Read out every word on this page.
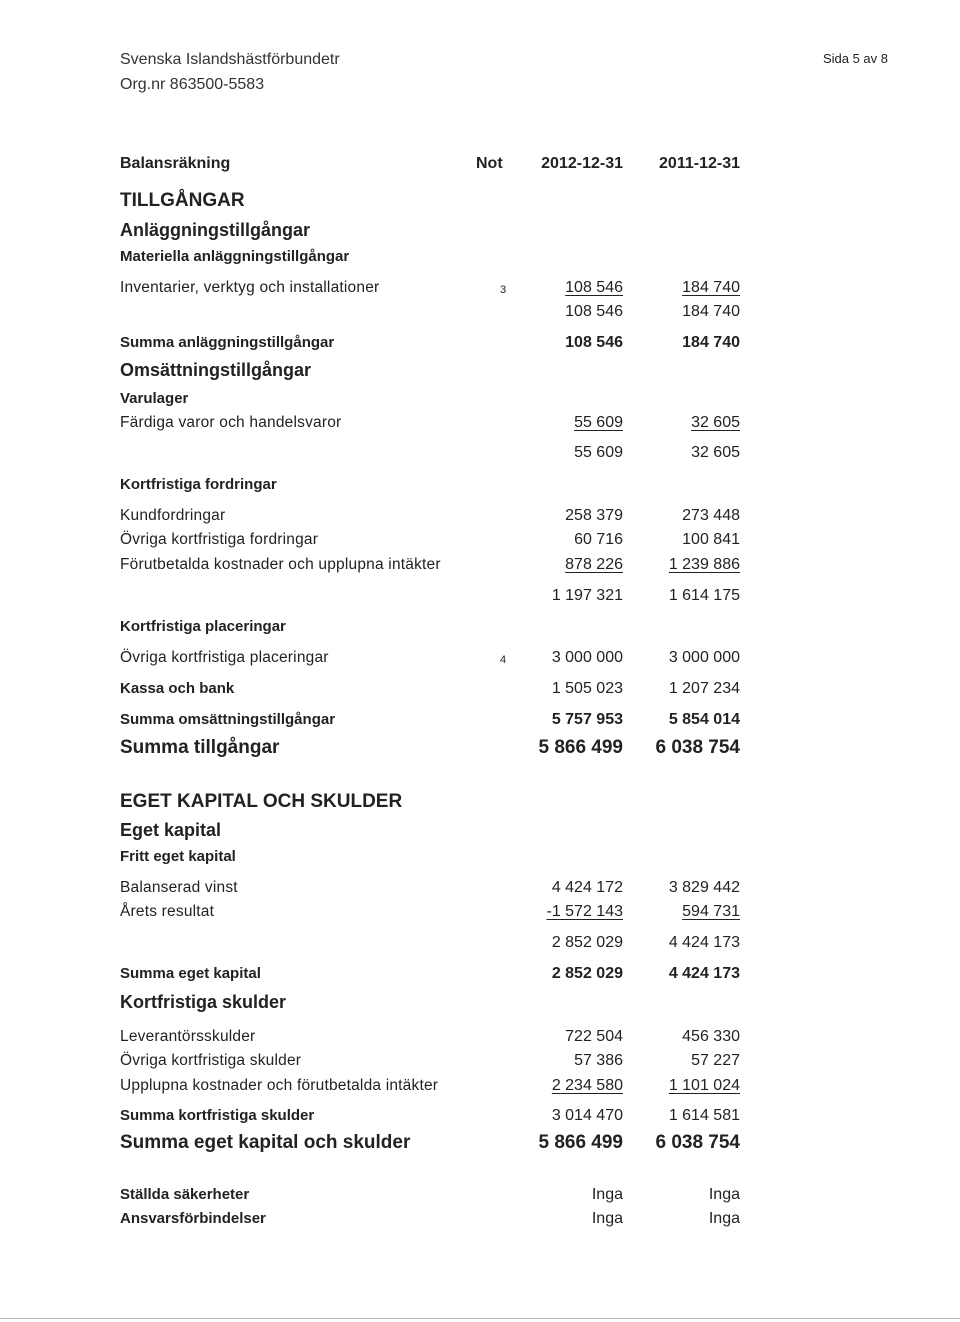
Svenska Islandshästförbundetr
Org.nr 863500-5583
Sida 5 av 8
Balansräkning	Not	2012-12-31	2011-12-31
TILLGÅNGAR
Anläggningstillgångar
Materiella anläggningstillgångar
Inventarier, verktyg och installationer	3	108 546	184 740
108 546	184 740
Summa anläggningstillgångar	108 546	184 740
Omsättningstillgångar
Varulager
Färdiga varor och handelsvaror	55 609	32 605
55 609	32 605
Kortfristiga fordringar
Kundfordringar	258 379	273 448
Övriga kortfristiga fordringar	60 716	100 841
Förutbetalda kostnader och upplupna intäkter	878 226	1 239 886
1 197 321	1 614 175
Kortfristiga placeringar
Övriga kortfristiga placeringar	4	3 000 000	3 000 000
Kassa och bank	1 505 023	1 207 234
Summa omsättningstillgångar	5 757 953	5 854 014
Summa tillgångar	5 866 499	6 038 754
EGET KAPITAL OCH SKULDER
Eget kapital
Fritt eget kapital
Balanserad vinst	4 424 172	3 829 442
Årets resultat	-1 572 143	594 731
2 852 029	4 424 173
Summa eget kapital	2 852 029	4 424 173
Kortfristiga skulder
Leverantörsskulder	722 504	456 330
Övriga kortfristiga skulder	57 386	57 227
Upplupna kostnader och förutbetalda intäkter	2 234 580	1 101 024
Summa kortfristiga skulder	3 014 470	1 614 581
Summa eget kapital och skulder	5 866 499	6 038 754
Ställda säkerheter	Inga	Inga
Ansvarsförbindelser	Inga	Inga
